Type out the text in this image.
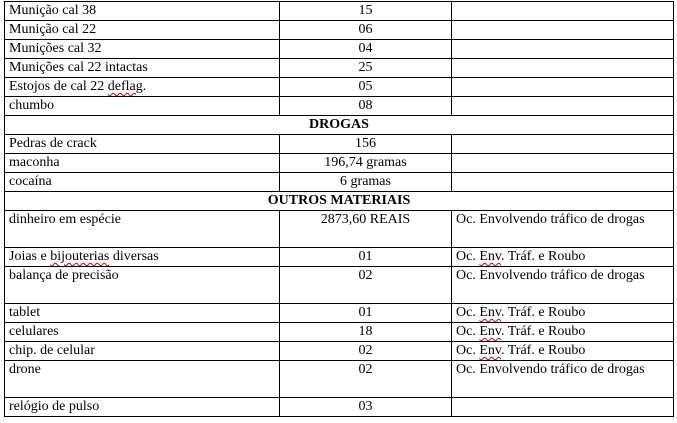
Munição cal 38	15	
Munição cal 22	06	
Munições cal 32	04	
Munições cal 22 intactas	25	
Estojos de cal 22 deflag.	05	
chumbo	08	
DROGAS		
Pedras de crack	156	
maconha	196,74 gramas	
cocaína	6 gramas	
OUTROS MATERIAIS		
dinheiro em espécie	2873,60 REAIS	Oc. Envolvendo tráfico de drogas
Joias e bijouterias diversas	01	Oc. Env. Tráf. e Roubo
balança de precisão	02	Oc. Envolvendo tráfico de drogas
tablet	01	Oc. Env. Tráf. e Roubo
celulares	18	Oc. Env. Tráf. e Roubo
chip. de celular	02	Oc. Env. Tráf. e Roubo
drone	02	Oc. Envolvendo tráfico de drogas
relógio de pulso	03	
